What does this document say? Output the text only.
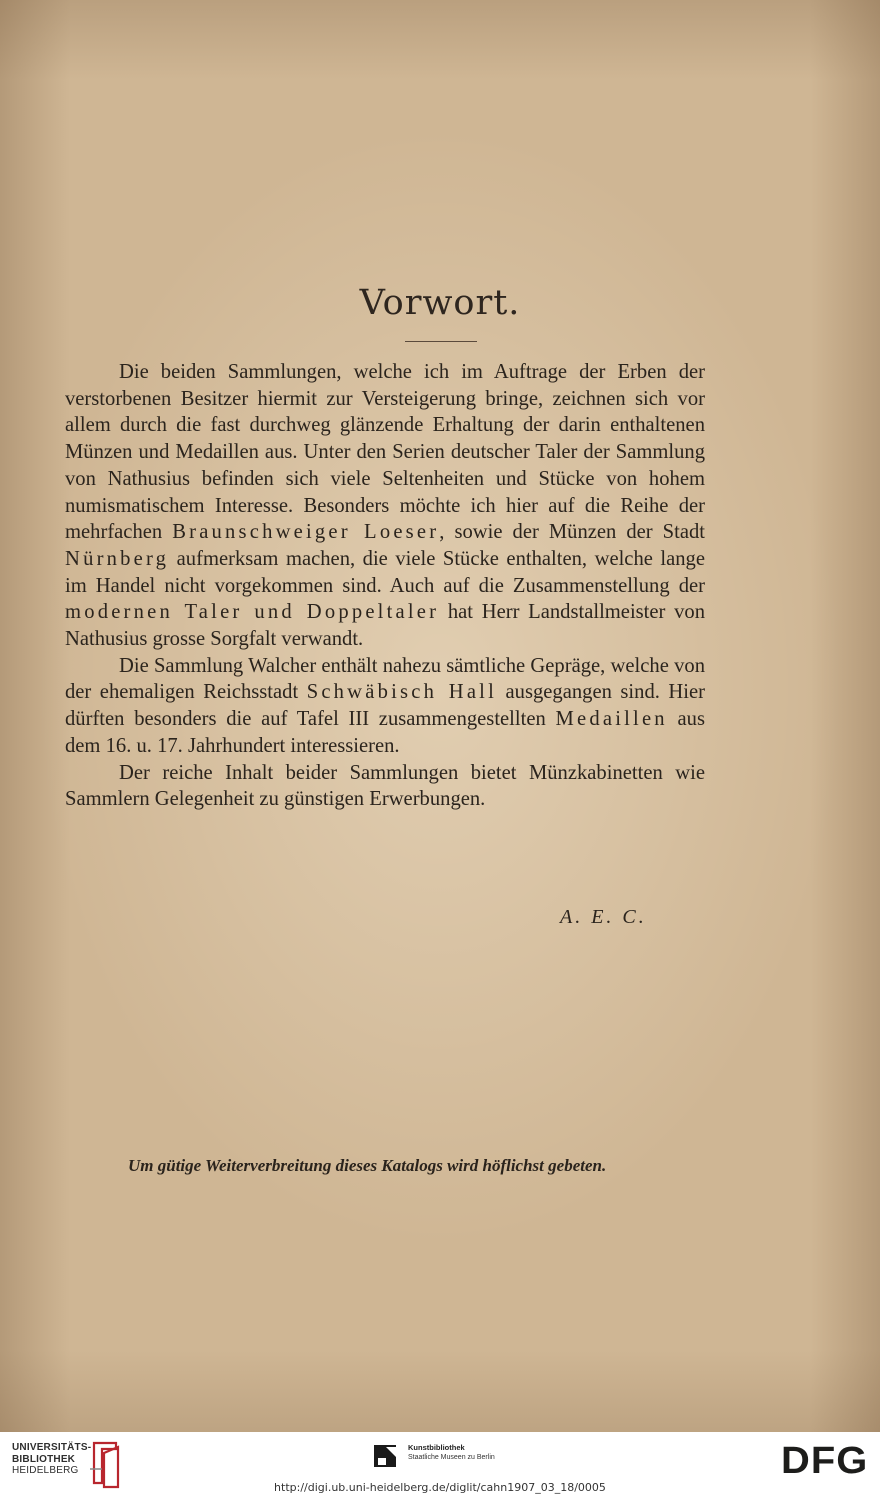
Vorwort.

Die beiden Sammlungen, welche ich im Auftrage der Erben der verstorbenen Besitzer hiermit zur Versteigerung bringe, zeichnen sich vor allem durch die fast durchweg glänzende Erhaltung der darin enthaltenen Münzen und Medaillen aus. Unter den Serien deutscher Taler der Sammlung von Nathusius befinden sich viele Seltenheiten und Stücke von hohem numismatischem Interesse. Besonders möchte ich hier auf die Reihe der mehrfachen Braunschweiger Loeser, sowie der Münzen der Stadt Nürnberg aufmerksam machen, die viele Stücke enthalten, welche lange im Handel nicht vorgekommen sind. Auch auf die Zusammenstellung der modernen Taler und Doppeltaler hat Herr Landstallmeister von Nathusius grosse Sorgfalt verwandt.

Die Sammlung Walcher enthält nahezu sämtliche Gepräge, welche von der ehemaligen Reichsstadt Schwäbisch Hall ausgegangen sind. Hier dürften besonders die auf Tafel III zusammengestellten Medaillen aus dem 16. u. 17. Jahrhundert interessieren.

Der reiche Inhalt beider Sammlungen bietet Münzkabinetten wie Sammlern Gelegenheit zu günstigen Erwerbungen.

A. E. C.
Um gütige Weiterverbreitung dieses Katalogs wird höflichst gebeten.
UNIVERSITÄTS-
BIBLIOTHEK
HEIDELBERG
Kunstbibliothek
Staatliche Museen zu Berlin	DFG
http://digi.ub.uni-heidelberg.de/diglit/cahn1907_03_18/0005
